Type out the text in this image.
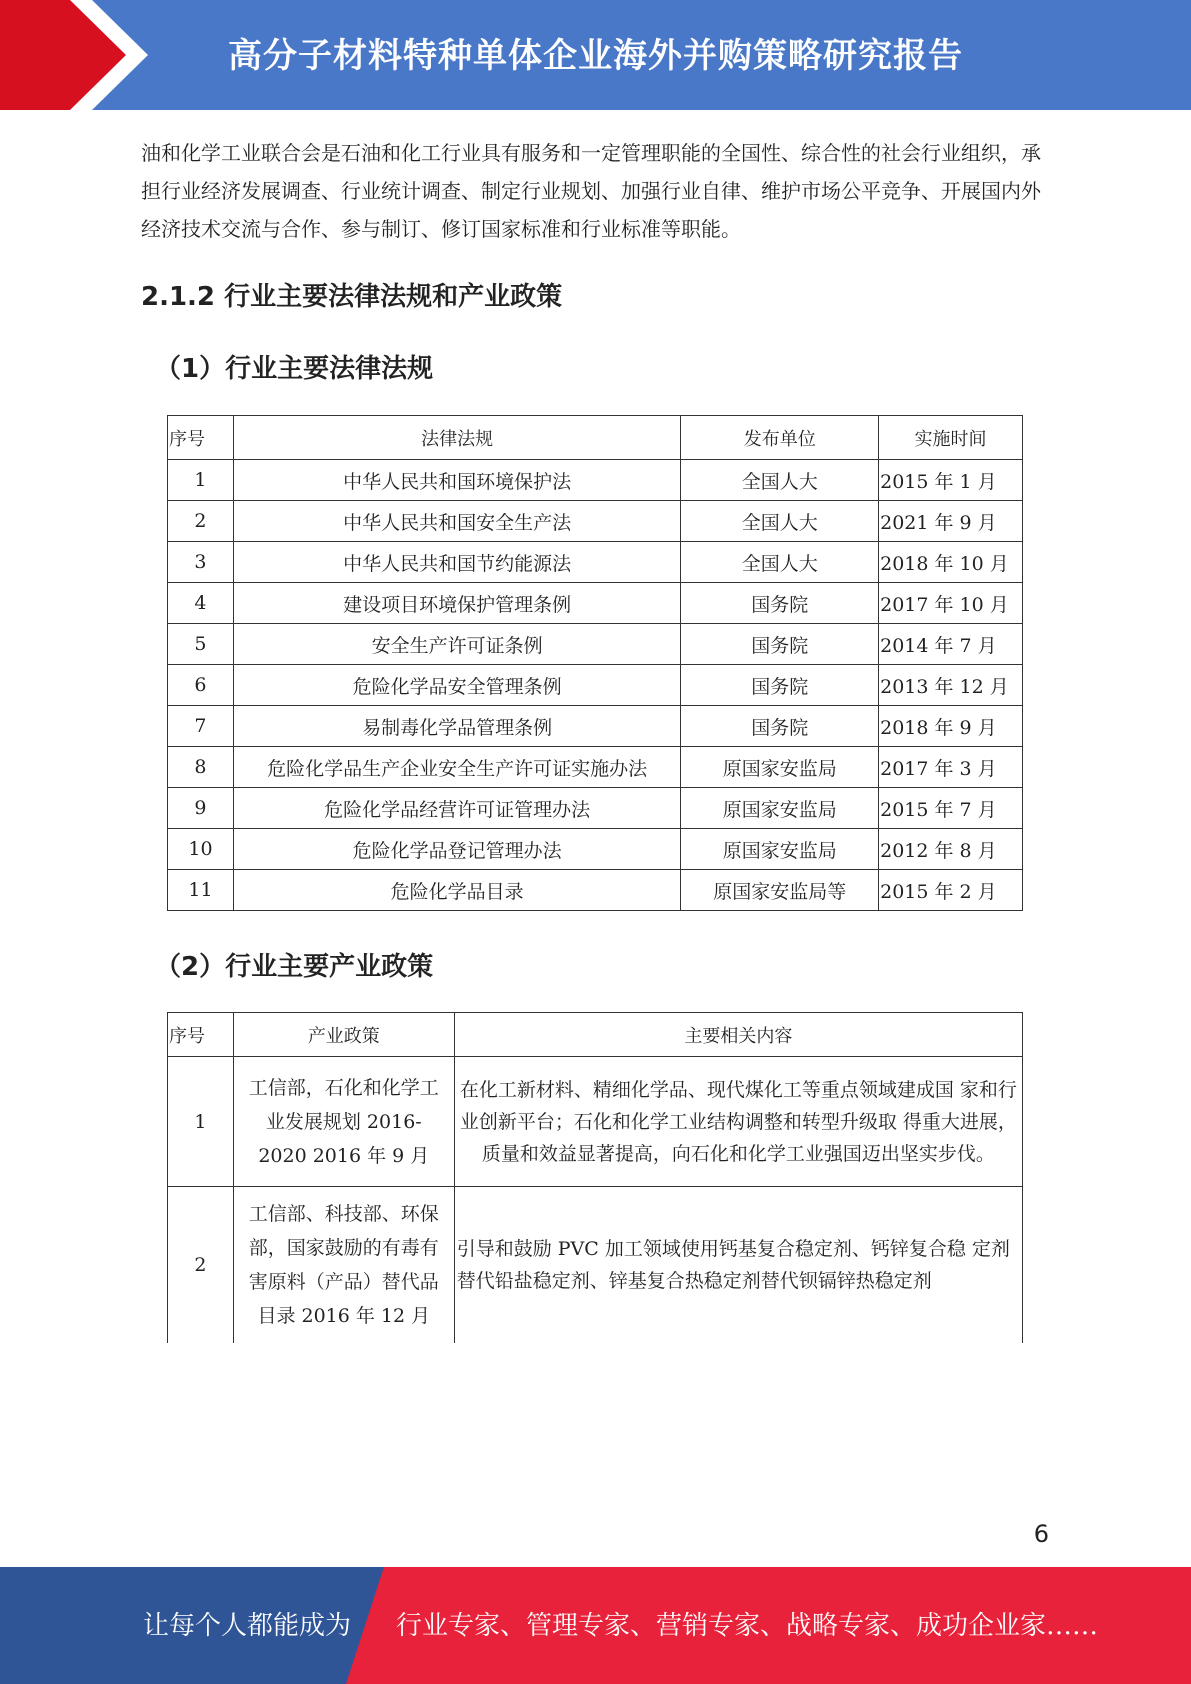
高分子材料特种单体企业海外并购策略研究报告

油和化学工业联合会是石油和化工行业具有服务和一定管理职能的全国性、综合性的社会行业组织，承担行业经济发展调查、行业统计调查、制定行业规划、加强行业自律、维护市场公平竞争、开展国内外经济技术交流与合作、参与制订、修订国家标准和行业标准等职能。

2.1.2 行业主要法律法规和产业政策
（1）行业主要法律法规
序号	法律法规	发布单位	实施时间
1	中华人民共和国环境保护法	全国人大	2015 年 1 月
2	中华人民共和国安全生产法	全国人大	2021 年 9 月
3	中华人民共和国节约能源法	全国人大	2018 年 10 月
4	建设项目环境保护管理条例	国务院	2017 年 10 月
5	安全生产许可证条例	国务院	2014 年 7 月
6	危险化学品安全管理条例	国务院	2013 年 12 月
7	易制毒化学品管理条例	国务院	2018 年 9 月
8	危险化学品生产企业安全生产许可证实施办法	原国家安监局	2017 年 3 月
9	危险化学品经营许可证管理办法	原国家安监局	2015 年 7 月
10	危险化学品登记管理办法	原国家安监局	2012 年 8 月
11	危险化学品目录	原国家安监局等	2015 年 2 月
（2）行业主要产业政策
序号	产业政策	主要相关内容
1	工信部，石化和化学工业发展规划 2016-2020 2016 年 9 月	在化工新材料、精细化学品、现代煤化工等重点领域建成国 家和行业创新平台；石化和化学工业结构调整和转型升级取 得重大进展，质量和效益显著提高，向石化和化学工业强国迈出坚实步伐。
2	工信部、科技部、环保部，国家鼓励的有毒有害原料（产品）替代品目录 2016 年 12 月	引导和鼓励 PVC 加工领域使用钙基复合稳定剂、钙锌复合稳 定剂替代铅盐稳定剂、锌基复合热稳定剂替代钡镉锌热稳定剂
6
让每个人都能成为 行业专家、管理专家、营销专家、战略专家、成功企业家……
